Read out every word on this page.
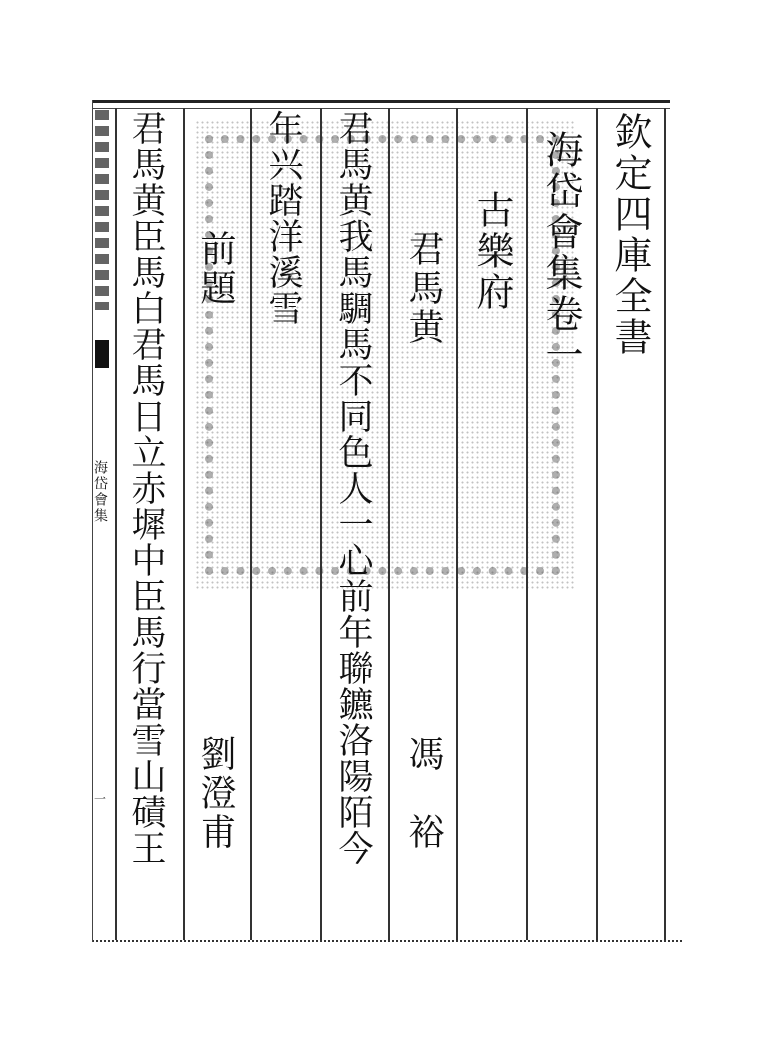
海岱會集
一
欽定四庫全書
海岱會集卷一
古樂府
君馬黄
馮　裕
君馬黄我馬騆馬不同色人一心前年聯鑣洛陽陌今
年兴踏洋溪雪
前題
劉澄甫
君馬黄臣馬白君馬日立赤墀中臣馬行當雪山磧王
